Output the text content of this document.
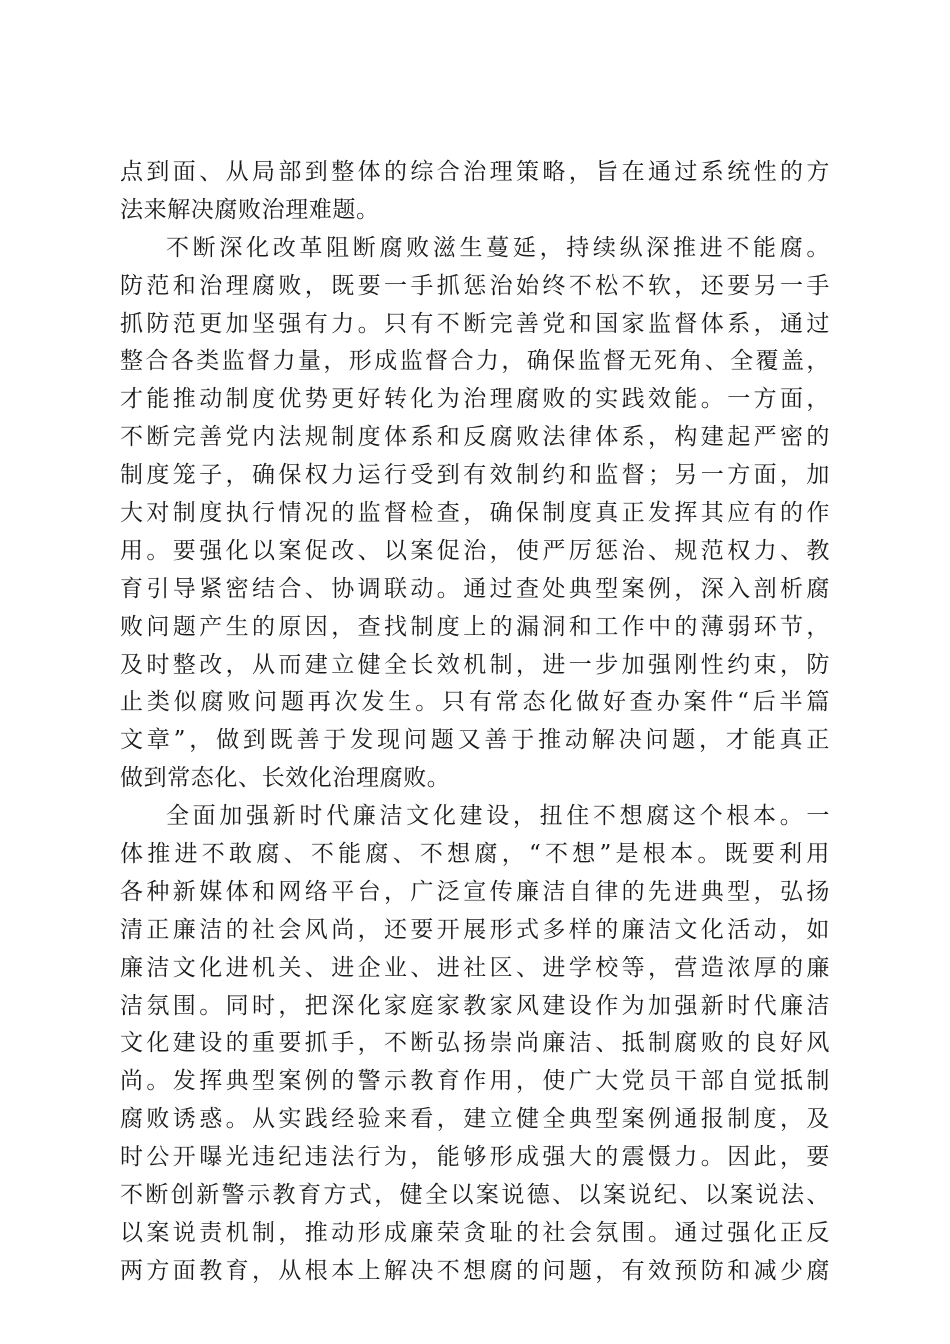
点到面、从局部到整体的综合治理策略，旨在通过系统性的方
法来解决腐败治理难题。
不断深化改革阻断腐败滋生蔓延，持续纵深推进不能腐。
防范和治理腐败，既要一手抓惩治始终不松不软，还要另一手
抓防范更加坚强有力。只有不断完善党和国家监督体系，通过
整合各类监督力量，形成监督合力，确保监督无死角、全覆盖，
才能推动制度优势更好转化为治理腐败的实践效能。一方面，
不断完善党内法规制度体系和反腐败法律体系，构建起严密的
制度笼子，确保权力运行受到有效制约和监督；另一方面，加
大对制度执行情况的监督检查，确保制度真正发挥其应有的作
用。要强化以案促改、以案促治，使严厉惩治、规范权力、教
育引导紧密结合、协调联动。通过查处典型案例，深入剖析腐
败问题产生的原因，查找制度上的漏洞和工作中的薄弱环节，
及时整改，从而建立健全长效机制，进一步加强刚性约束，防
止类似腐败问题再次发生。只有常态化做好查办案件“后半篇
文章”，做到既善于发现问题又善于推动解决问题，才能真正
做到常态化、长效化治理腐败。
全面加强新时代廉洁文化建设，扭住不想腐这个根本。一
体推进不敢腐、不能腐、不想腐，“不想”是根本。既要利用
各种新媒体和网络平台，广泛宣传廉洁自律的先进典型，弘扬
清正廉洁的社会风尚，还要开展形式多样的廉洁文化活动，如
廉洁文化进机关、进企业、进社区、进学校等，营造浓厚的廉
洁氛围。同时，把深化家庭家教家风建设作为加强新时代廉洁
文化建设的重要抓手，不断弘扬崇尚廉洁、抵制腐败的良好风
尚。发挥典型案例的警示教育作用，使广大党员干部自觉抵制
腐败诱惑。从实践经验来看，建立健全典型案例通报制度，及
时公开曝光违纪违法行为，能够形成强大的震慑力。因此，要
不断创新警示教育方式，健全以案说德、以案说纪、以案说法、
以案说责机制，推动形成廉荣贪耻的社会氛围。通过强化正反
两方面教育，从根本上解决不想腐的问题，有效预防和减少腐
